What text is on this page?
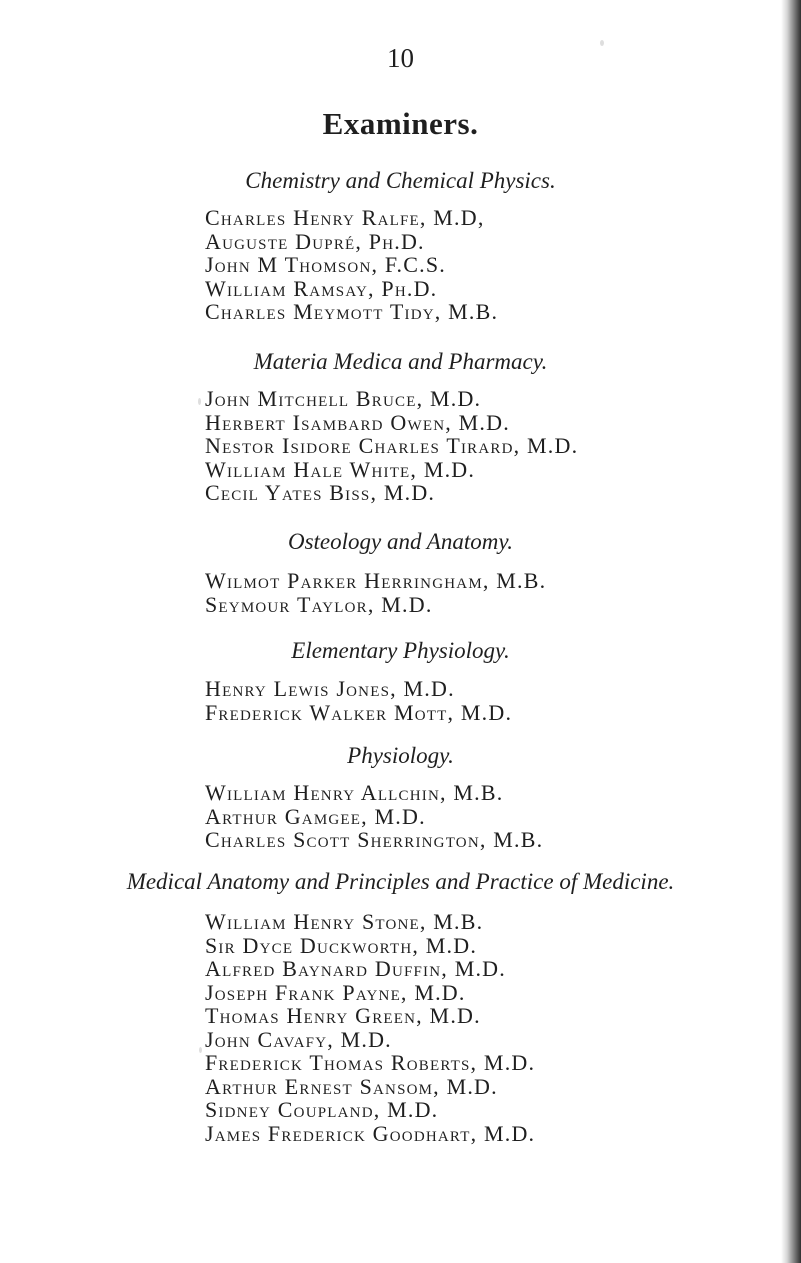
10
Examiners.
Chemistry and Chemical Physics.
Charles Henry Ralfe, M.D,
Auguste Dupré, Ph.D.
John M Thomson, F.C.S.
William Ramsay, Ph.D.
Charles Meymott Tidy, M.B.
Materia Medica and Pharmacy.
John Mitchell Bruce, M.D.
Herbert Isambard Owen, M.D.
Nestor Isidore Charles Tirard, M.D.
William Hale White, M.D.
Cecil Yates Biss, M.D.
Osteology and Anatomy.
Wilmot Parker Herringham, M.B.
Seymour Taylor, M.D.
Elementary Physiology.
Henry Lewis Jones, M.D.
Frederick Walker Mott, M.D.
Physiology.
William Henry Allchin, M.B.
Arthur Gamgee, M.D.
Charles Scott Sherrington, M.B.
Medical Anatomy and Principles and Practice of Medicine.
William Henry Stone, M.B.
Sir Dyce Duckworth, M.D.
Alfred Baynard Duffin, M.D.
Joseph Frank Payne, M.D.
Thomas Henry Green, M.D.
John Cavafy, M.D.
Frederick Thomas Roberts, M.D.
Arthur Ernest Sansom, M.D.
Sidney Coupland, M.D.
James Frederick Goodhart, M.D.
